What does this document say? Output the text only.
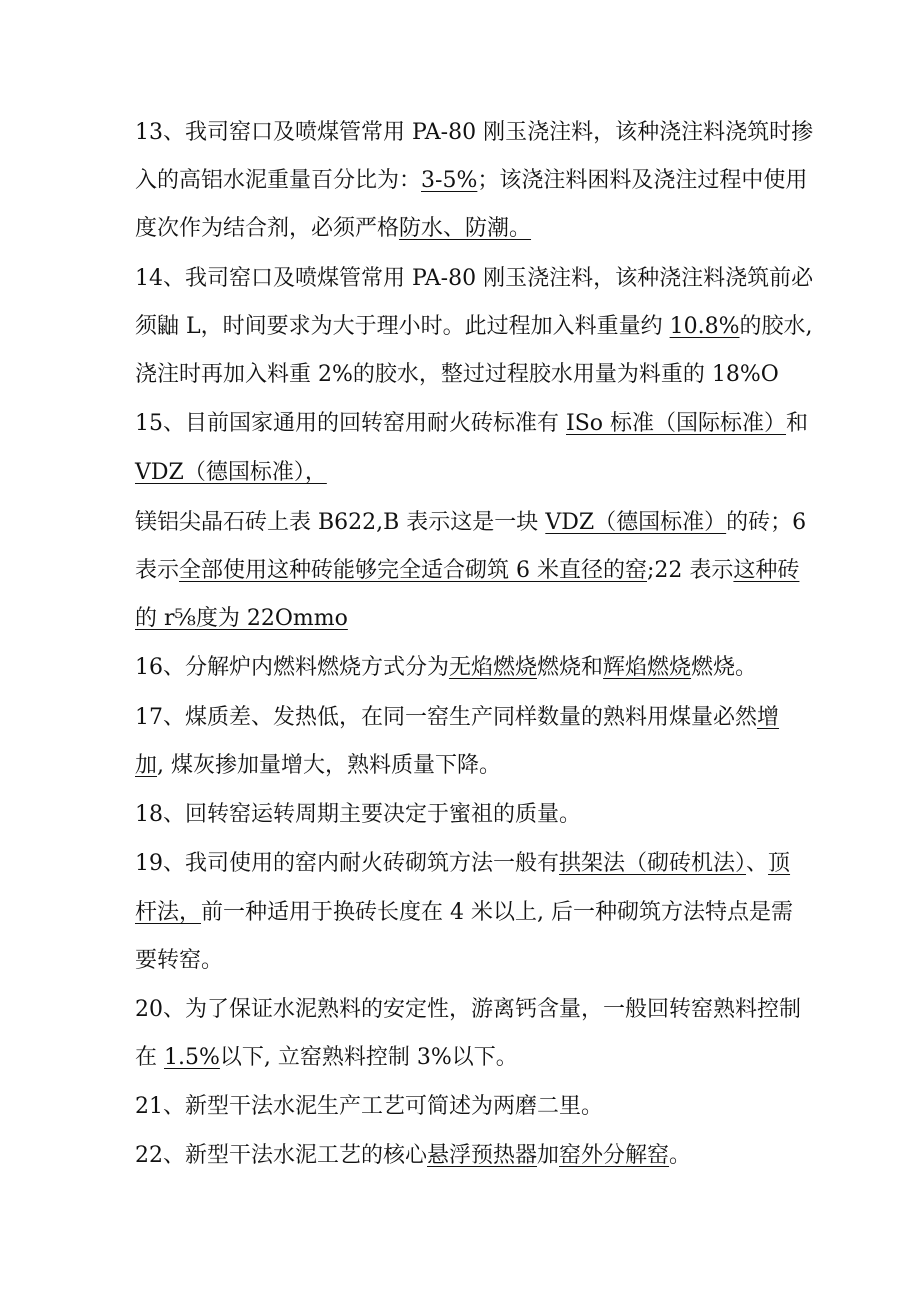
13、我司窑口及喷煤管常用 PA-80 刚玉浇注料，该种浇注料浇筑时掺
入的高铝水泥重量百分比为：3-5%；该浇注料困料及浇注过程中使用
度次作为结合剂，必须严格防水、防潮。
14、我司窑口及喷煤管常用 PA-80 刚玉浇注料，该种浇注料浇筑前必
须鼬 L，时间要求为大于理小时。此过程加入料重量约 10.8%的胶水,
浇注时再加入料重 2%的胶水，整过过程胶水用量为料重的 18%O
15、目前国家通用的回转窑用耐火砖标准有 ISo 标准（国际标准）和
VDZ（德国标准），
镁铝尖晶石砖上表 B622,B 表示这是一块 VDZ（德国标准）的砖；6
表示全部使用这种砖能够完全适合砌筑 6 米直径的窑;22 表示这种砖
的 r⅝度为 22Ommo
16、分解炉内燃料燃烧方式分为无焰燃烧燃烧和辉焰燃烧燃烧。
17、煤质差、发热低，在同一窑生产同样数量的熟料用煤量必然增
加, 煤灰掺加量增大，熟料质量下降。
18、回转窑运转周期主要决定于蜜祖的质量。
19、我司使用的窑内耐火砖砌筑方法一般有拱架法（砌砖机法）、顶
杆法，前一种适用于换砖长度在 4 米以上, 后一种砌筑方法特点是需
要转窑。
20、为了保证水泥熟料的安定性，游离钙含量，一般回转窑熟料控制
在 1.5%以下, 立窑熟料控制 3%以下。
21、新型干法水泥生产工艺可简述为两磨二里。
22、新型干法水泥工艺的核心悬浮预热器加窑外分解窑。
